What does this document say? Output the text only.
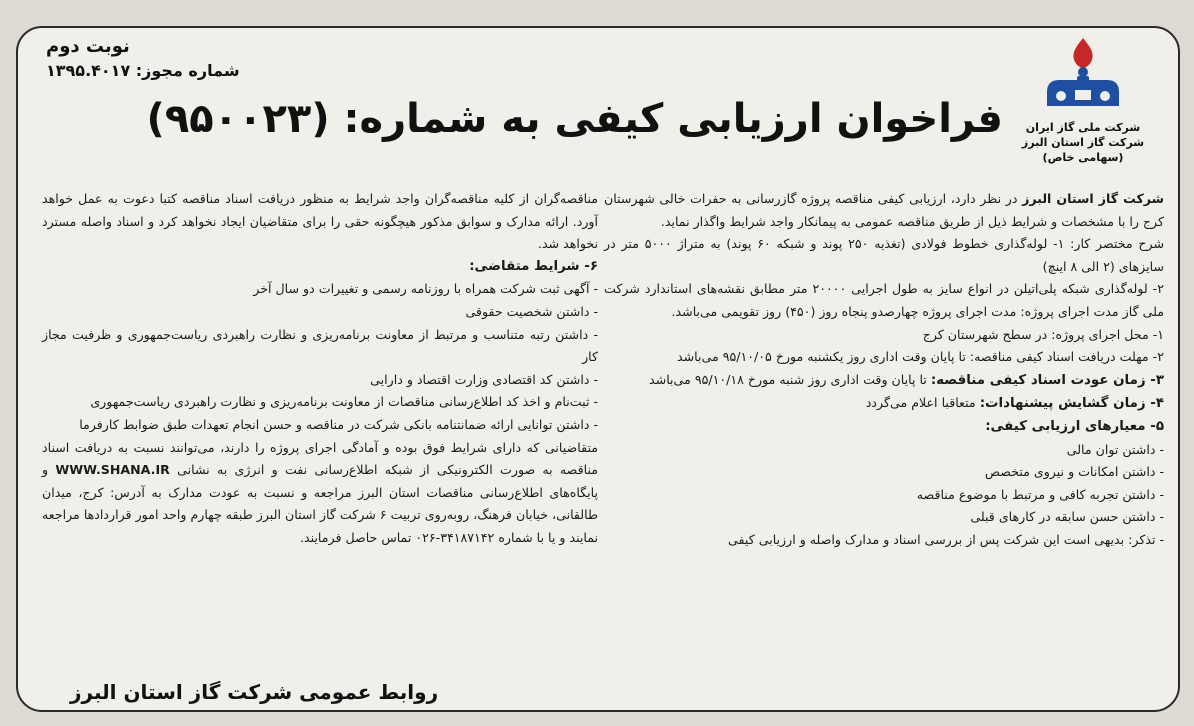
شرکت ملی گاز ایران
شرکت گاز استان البرز
(سهامی خاص)
نوبت دوم
شماره مجوز: ۱۳۹۵.۴۰۱۷
فراخوان ارزیابی کیفی به شماره: (۹۵۰۰۲۳)

شرکت گاز استان البرز در نظر دارد، ارزیابی کیفی مناقصه پروژه گازرسانی به حفرات خالی شهرستان کرج را با مشخصات و شرایط ذیل از طریق مناقصه عمومی به پیمانکار واجد شرایط واگذار نماید.

شرح مختصر کار: ۱- لوله‌گذاری خطوط فولادی (تغذیه ۲۵۰ پوند و شبکه ۶۰ پوند) به متراژ ۵۰۰۰ متر در سایزهای (۲ الی ۸ اینچ)

۲- لوله‌گذاری شبکه پلی‌اتیلن در انواع سایز به طول اجرایی ۲۰۰۰۰ متر مطابق نقشه‌های استاندارد شرکت ملی گاز مدت اجرای پروژه: مدت اجرای پروژه چهارصدو پنجاه روز (۴۵۰) روز تقویمی می‌باشد.

۱- محل اجرای پروژه: در سطح شهرستان کرج

۲- مهلت دریافت اسناد کیفی مناقصه: تا پایان وقت اداری روز یکشنبه مورخ ۹۵/۱۰/۰۵ می‌باشد

۳- زمان عودت اسناد کیفی مناقصه: تا پایان وقت اداری روز شنبه مورخ ۹۵/۱۰/۱۸ می‌باشد

۴- زمان گشایش پیشنهادات: متعاقبا اعلام می‌گردد

۵- معیارهای ارزیابی کیفی:

- داشتن توان مالی

- داشتن امکانات و نیروی متخصص

- داشتن تجربه کافی و مرتبط با موضوع مناقصه

- داشتن حسن سابقه در کارهای قبلی

- تذکر: بدیهی است این شرکت پس از بررسی اسناد و مدارک واصله و ارزیابی کیفی

مناقصه‌گران از کلیه مناقصه‌گران واجد شرایط به منظور دریافت اسناد مناقصه کتبا دعوت به عمل خواهد آورد. ارائه مدارک و سوابق مذکور هیچگونه حقی را برای متقاضیان ایجاد نخواهد کرد و اسناد واصله مسترد نخواهد شد.

۶- شرایط متقاضی:

- آگهی ثبت شرکت همراه با روزنامه رسمی و تغییرات دو سال آخر

- داشتن شخصیت حقوقی

- داشتن رتبه متناسب و مرتبط از معاونت برنامه‌ریزی و نظارت راهبردی ریاست‌جمهوری و ظرفیت مجاز کار

- داشتن کد اقتصادی وزارت اقتصاد و دارایی

- ثبت‌نام و اخذ کد اطلاع‌رسانی مناقصات از معاونت برنامه‌ریزی و نظارت راهبردی ریاست‌جمهوری

- داشتن توانایی ارائه ضمانتنامه بانکی شرکت در مناقصه و حسن انجام تعهدات طبق ضوابط کارفرما

متقاضیانی که دارای شرایط فوق بوده و آمادگی اجرای پروژه را دارند، می‌توانند نسبت به دریافت اسناد مناقصه به صورت الکترونیکی از شبکه اطلاع‌رسانی نفت و انرژی به نشانی WWW.SHANA.IR و پایگاه‌های اطلاع‌رسانی مناقصات استان البرز مراجعه و نسبت به عودت مدارک به آدرس: کرج، میدان طالقانی، خیابان فرهنگ، روبه‌روی تربیت ۶ شرکت گاز استان البرز طبقه چهارم واحد امور قراردادها مراجعه نمایند و یا با شماره ۳۴۱۸۷۱۴۲-۰۲۶ تماس حاصل فرمایند.

روابط عمومی شرکت گاز استان البرز
